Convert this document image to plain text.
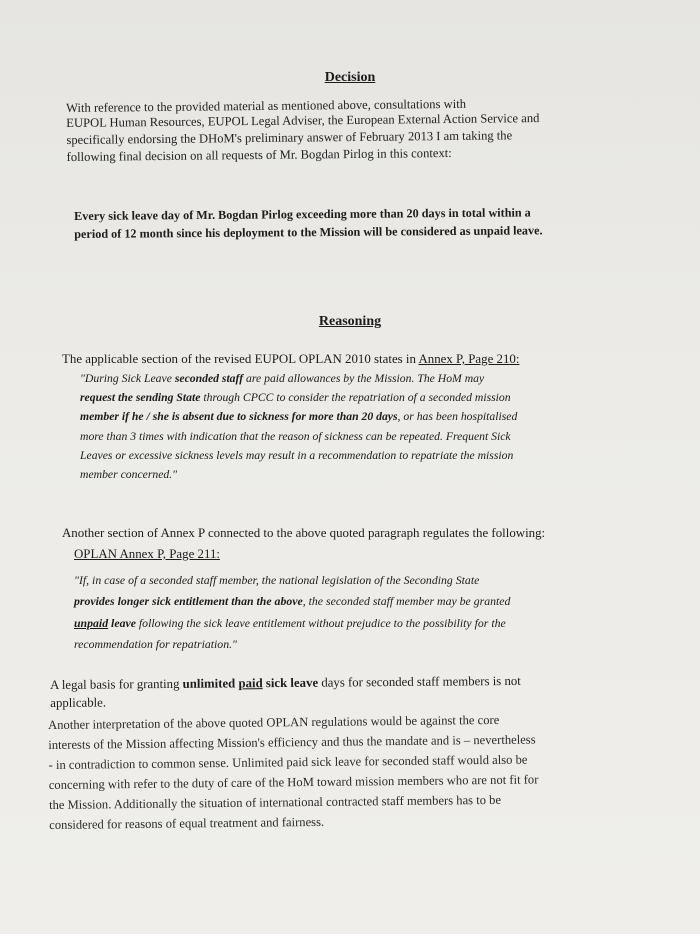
Decision
With reference to the provided material as mentioned above, consultations with
EUPOL Human Resources, EUPOL Legal Adviser, the European External Action Service and
specifically endorsing the DHoM's preliminary answer of February 2013 I am taking the
following final decision on all requests of Mr. Bogdan Pirlog in this context:
Every sick leave day of Mr. Bogdan Pirlog exceeding more than 20 days in total within a
period of 12 month since his deployment to the Mission will be considered as unpaid leave.
Reasoning
The applicable section of the revised EUPOL OPLAN 2010 states in Annex P, Page 210:
"During Sick Leave seconded staff are paid allowances by the Mission. The HoM may
request the sending State through CPCC to consider the repatriation of a seconded mission
member if he / she is absent due to sickness for more than 20 days, or has been hospitalised
more than 3 times with indication that the reason of sickness can be repeated. Frequent Sick
Leaves or excessive sickness levels may result in a recommendation to repatriate the mission
member concerned."
Another section of Annex P connected to the above quoted paragraph regulates the following:
OPLAN Annex P, Page 211:
"If, in case of a seconded staff member, the national legislation of the Seconding State
provides longer sick entitlement than the above, the seconded staff member may be granted
unpaid leave following the sick leave entitlement without prejudice to the possibility for the
recommendation for repatriation."
A legal basis for granting unlimited paid sick leave days for seconded staff members is not
applicable.
Another interpretation of the above quoted OPLAN regulations would be against the core
interests of the Mission affecting Mission's efficiency and thus the mandate and is – nevertheless
- in contradiction to common sense. Unlimited paid sick leave for seconded staff would also be
concerning with refer to the duty of care of the HoM toward mission members who are not fit for
the Mission. Additionally the situation of international contracted staff members has to be
considered for reasons of equal treatment and fairness.
